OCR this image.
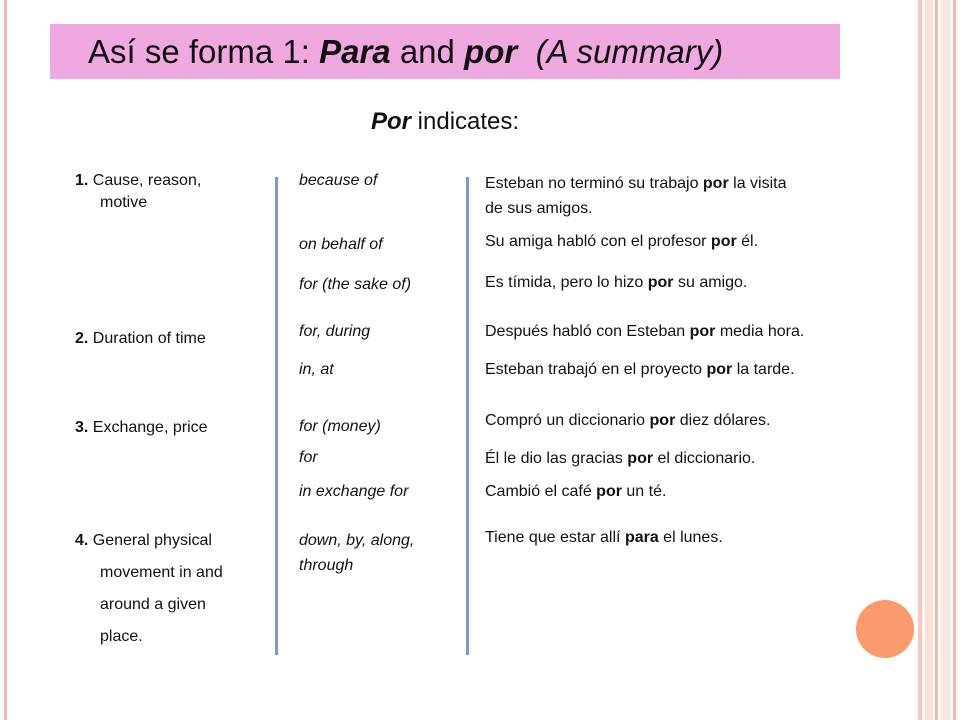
Así se forma 1: Para and por (A summary)
Por indicates:
1. Cause, reason,
motive
2. Duration of time
3. Exchange, price
4. General physical
movement in and
around a given
place.
because of
on behalf of
for (the sake of)
for, during
in, at
for (money)
for
in exchange for
down, by, along,
through
Esteban no terminó su trabajo por la visita
de sus amigos.
Su amiga habló con el profesor por él.
Es tímida, pero lo hizo por su amigo.
Después habló con Esteban por media hora.
Esteban trabajó en el proyecto por la tarde.
Compró un diccionario por diez dólares.
Él le dio las gracias por el diccionario.
Cambió el café por un té.
Tiene que estar allí para el lunes.
